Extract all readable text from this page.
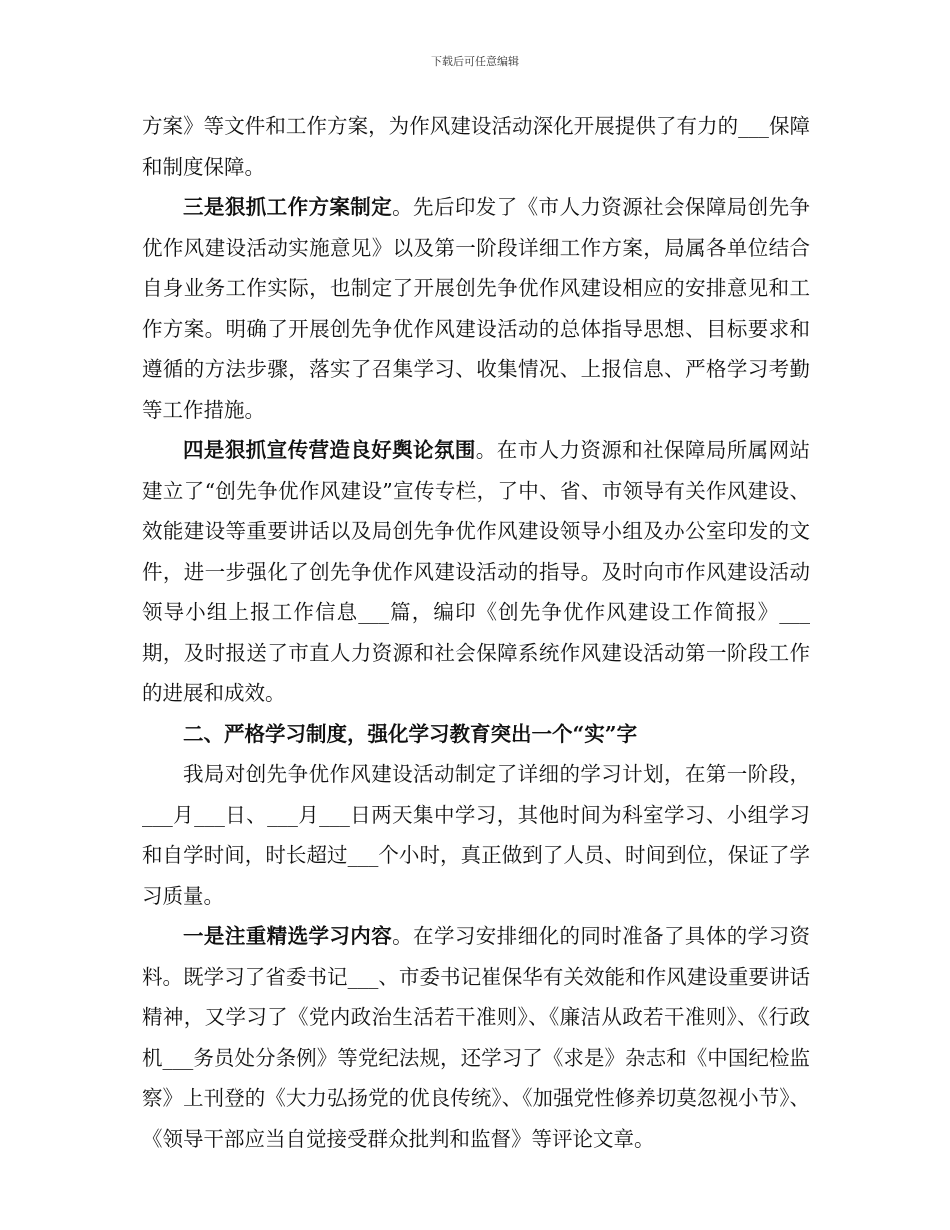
下载后可任意编辑

方案》等文件和工作方案，为作风建设活动深化开展提供了有力的___保障和制度保障。

三是狠抓工作方案制定。先后印发了《市人力资源社会保障局创先争优作风建设活动实施意见》以及第一阶段详细工作方案，局属各单位结合自身业务工作实际，也制定了开展创先争优作风建设相应的安排意见和工作方案。明确了开展创先争优作风建设活动的总体指导思想、目标要求和遵循的方法步骤，落实了召集学习、收集情况、上报信息、严格学习考勤等工作措施。

四是狠抓宣传营造良好舆论氛围。在市人力资源和社保障局所属网站建立了“创先争优作风建设”宣传专栏，了中、省、市领导有关作风建设、效能建设等重要讲话以及局创先争优作风建设领导小组及办公室印发的文件，进一步强化了创先争优作风建设活动的指导。及时向市作风建设活动领导小组上报工作信息___篇，编印《创先争优作风建设工作简报》___期，及时报送了市直人力资源和社会保障系统作风建设活动第一阶段工作的进展和成效。

二、严格学习制度，强化学习教育突出一个“实”字

我局对创先争优作风建设活动制定了详细的学习计划，在第一阶段，___月___日、___月___日两天集中学习，其他时间为科室学习、小组学习和自学时间，时长超过___个小时，真正做到了人员、时间到位，保证了学习质量。

一是注重精选学习内容。在学习安排细化的同时准备了具体的学习资料。既学习了省委书记___、市委书记崔保华有关效能和作风建设重要讲话精神，又学习了《党内政治生活若干准则》、《廉洁从政若干准则》、《行政机___务员处分条例》等党纪法规，还学习了《求是》杂志和《中国纪检监察》上刊登的《大力弘扬党的优良传统》、《加强党性修养切莫忽视小节》、《领导干部应当自觉接受群众批判和监督》等评论文章。
